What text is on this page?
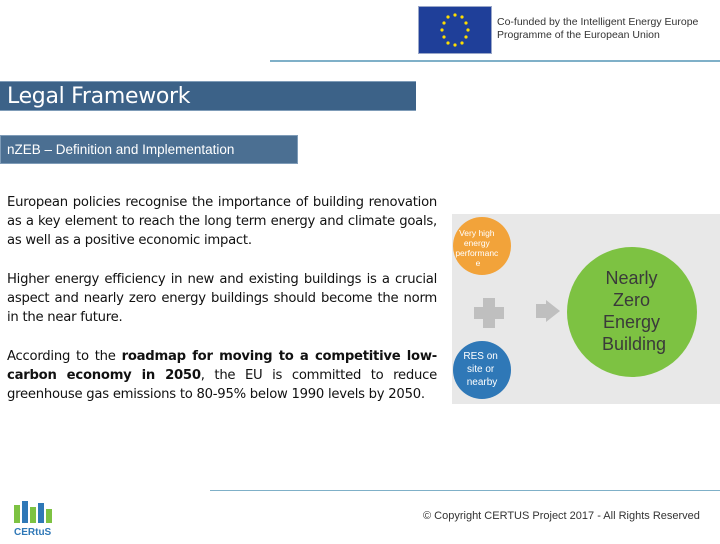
Co-funded by the Intelligent Energy Europe
Programme of the European Union
Legal Framework
nZEB – Definition and Implementation
European policies recognise the importance of building renovation as a key element to reach the long term energy and climate goals, as well as a positive economic impact.
Higher energy efficiency in new and existing buildings is a crucial aspect and nearly zero energy buildings should become the norm in the near future.
According to the roadmap for moving to a competitive low-carbon economy in 2050, the EU is committed to reduce greenhouse gas emissions to 80-95% below 1990 levels by 2050.
Very high energy performanc e
RES on site or nearby
Nearly Zero Energy Building
CERtuS
© Copyright CERTUS Project 2017 - All Rights Reserved
